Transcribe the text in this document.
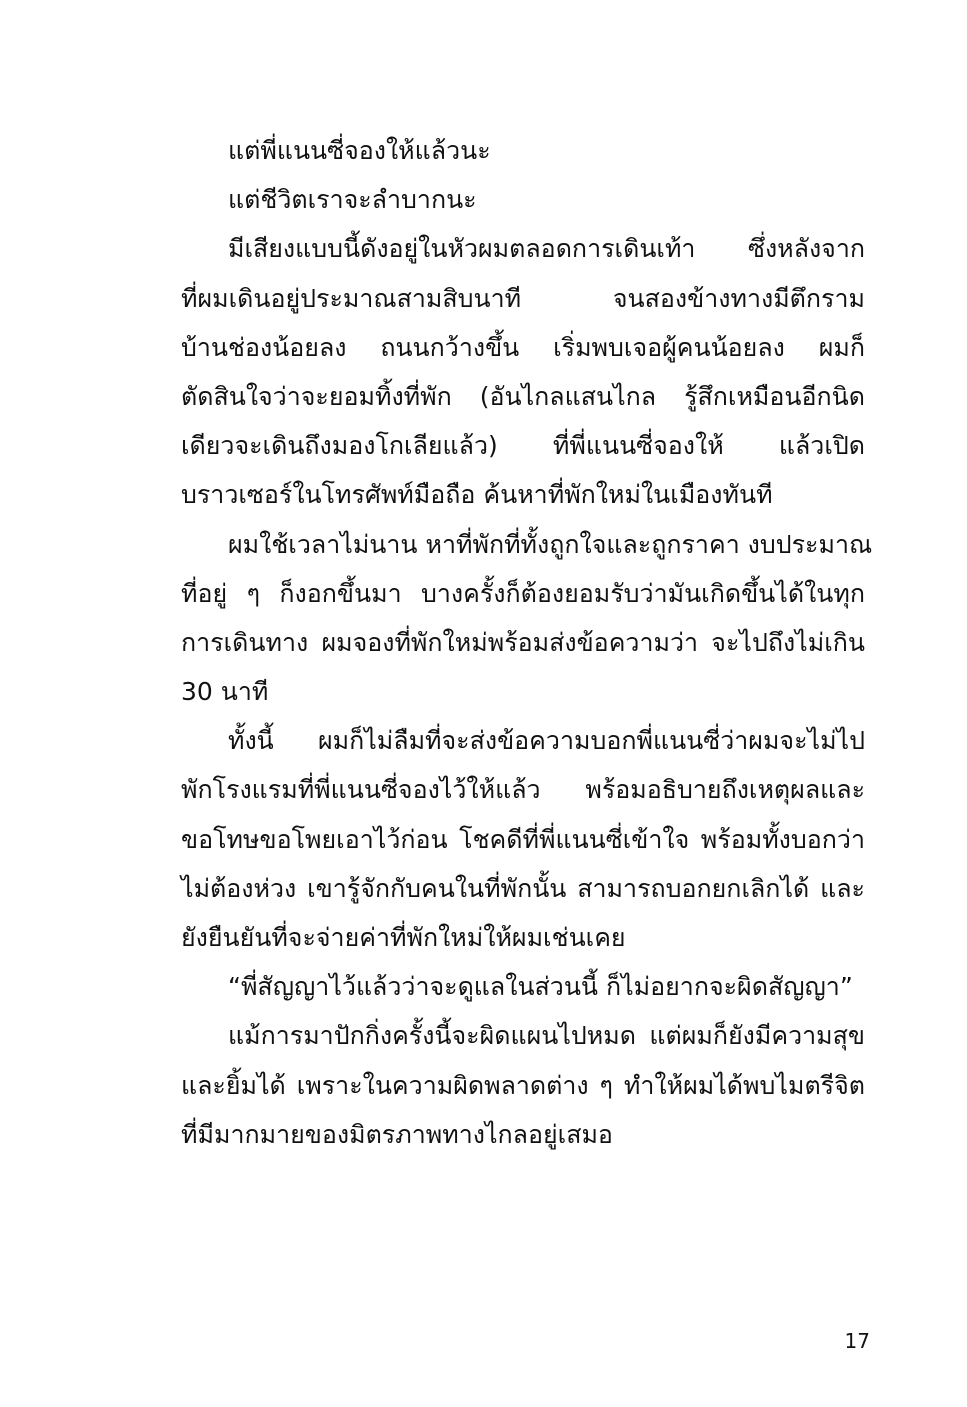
แต่พี่แนนซี่จองให้แล้วนะ
แต่ชีวิตเราจะลำบากนะ
มีเสียงแบบนี้ดังอยู่ในหัวผมตลอดการเดินเท้า ซึ่งหลังจาก
ที่ผมเดินอยู่ประมาณสามสิบนาที จนสองข้างทางมีตึกราม
บ้านช่องน้อยลง ถนนกว้างขึ้น เริ่มพบเจอผู้คนน้อยลง ผมก็
ตัดสินใจว่าจะยอมทิ้งที่พัก (อันไกลแสนไกล รู้สึกเหมือนอีกนิด
เดียวจะเดินถึงมองโกเลียแล้ว) ที่พี่แนนซี่จองให้ แล้วเปิด
บราวเซอร์ในโทรศัพท์มือถือ ค้นหาที่พักใหม่ในเมืองทันที
ผมใช้เวลาไม่นาน หาที่พักที่ทั้งถูกใจและถูกราคา งบประมาณ
ที่อยู่ ๆ ก็งอกขึ้นมา บางครั้งก็ต้องยอมรับว่ามันเกิดขึ้นได้ในทุก
การเดินทาง ผมจองที่พักใหม่พร้อมส่งข้อความว่า จะไปถึงไม่เกิน
30 นาที
ทั้งนี้ ผมก็ไม่ลืมที่จะส่งข้อความบอกพี่แนนซี่ว่าผมจะไม่ไป
พักโรงแรมที่พี่แนนซี่จองไว้ให้แล้ว พร้อมอธิบายถึงเหตุผลและ
ขอโทษขอโพยเอาไว้ก่อน โชคดีที่พี่แนนซี่เข้าใจ พร้อมทั้งบอกว่า
ไม่ต้องห่วง เขารู้จักกับคนในที่พักนั้น สามารถบอกยกเลิกได้ และ
ยังยืนยันที่จะจ่ายค่าที่พักใหม่ให้ผมเช่นเคย
“พี่สัญญาไว้แล้วว่าจะดูแลในส่วนนี้ ก็ไม่อยากจะผิดสัญญา”
แม้การมาปักกิ่งครั้งนี้จะผิดแผนไปหมด แต่ผมก็ยังมีความสุข
และยิ้มได้ เพราะในความผิดพลาดต่าง ๆ ทำให้ผมได้พบไมตรีจิต
ที่มีมากมายของมิตรภาพทางไกลอยู่เสมอ
17
